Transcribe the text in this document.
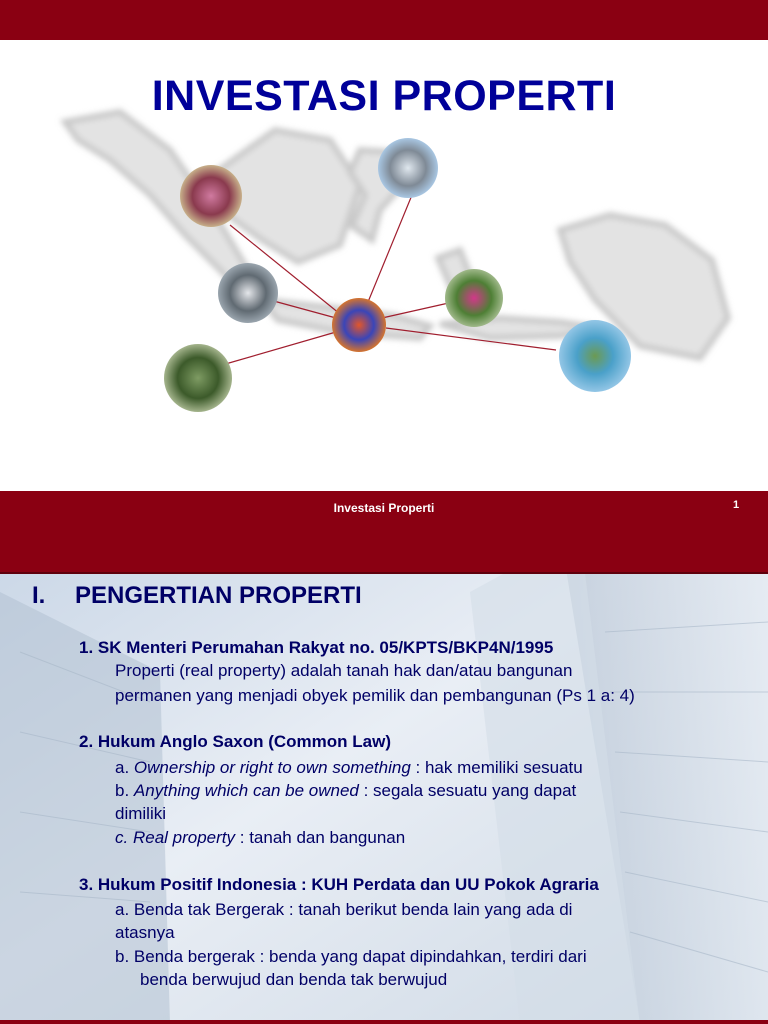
INVESTASI PROPERTI
Investasi Properti	1
I. PENGERTIAN PROPERTI
1. SK Menteri Perumahan Rakyat no. 05/KPTS/BKP4N/1995
Properti (real property) adalah tanah hak dan/atau bangunan
permanen yang menjadi obyek pemilik dan pembangunan (Ps 1 a: 4)
2. Hukum Anglo Saxon (Common Law)
a. Ownership or right to own something : hak memiliki sesuatu
b. Anything which can be owned : segala sesuatu yang dapat
dimiliki
c. Real property : tanah dan bangunan
3. Hukum Positif Indonesia : KUH Perdata dan UU Pokok Agraria
a. Benda tak Bergerak : tanah berikut benda lain yang ada di
atasnya
b. Benda bergerak : benda yang dapat dipindahkan, terdiri dari
benda berwujud dan benda tak berwujud
